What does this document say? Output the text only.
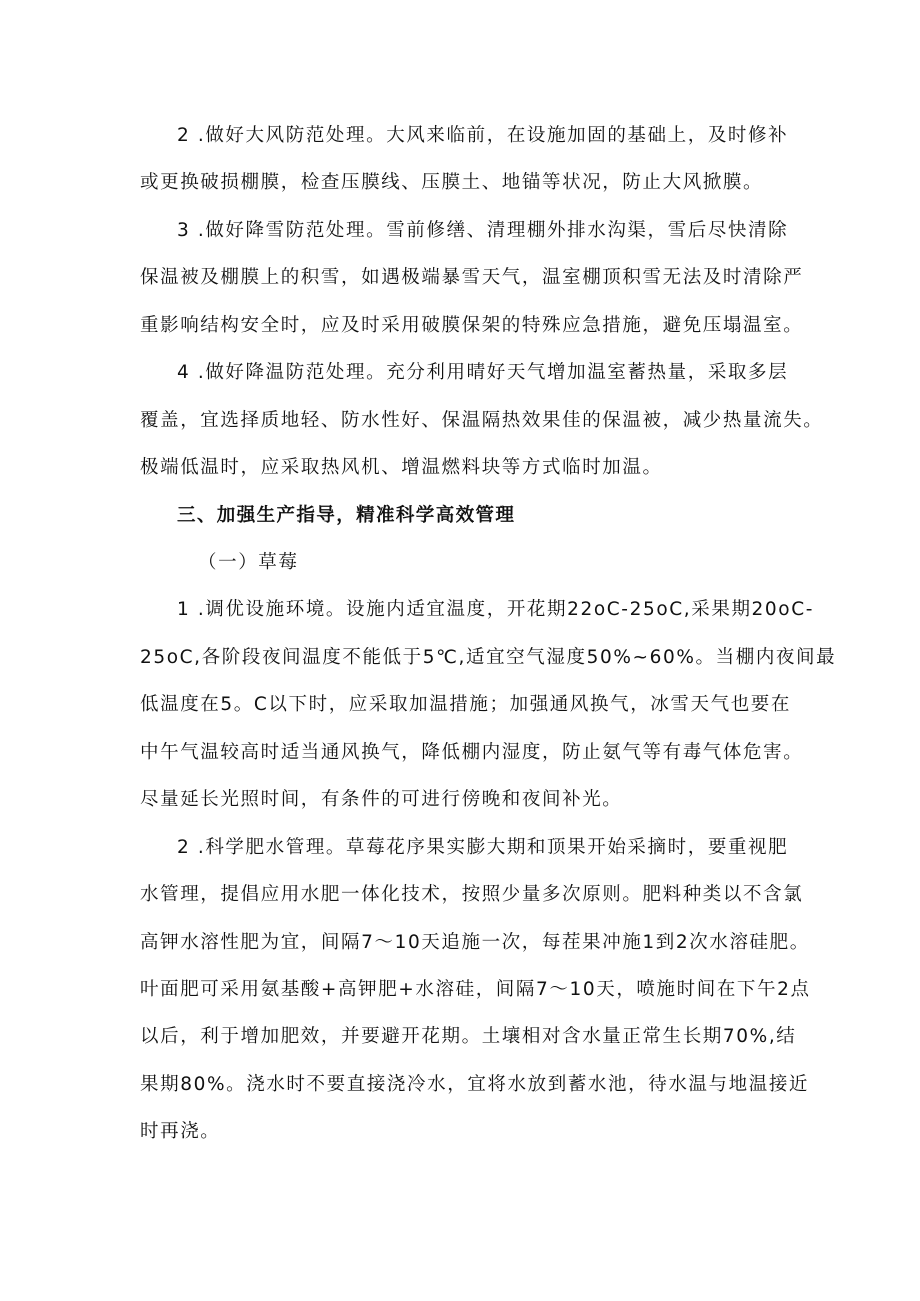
2 .做好大风防范处理。大风来临前，在设施加固的基础上，及时修补
或更换破损棚膜，检查压膜线、压膜土、地锚等状况，防止大风掀膜。
3 .做好降雪防范处理。雪前修缮、清理棚外排水沟渠，雪后尽快清除
保温被及棚膜上的积雪，如遇极端暴雪天气，温室棚顶积雪无法及时清除严
重影响结构安全时，应及时采用破膜保架的特殊应急措施，避免压塌温室。
4 .做好降温防范处理。充分利用晴好天气增加温室蓄热量，采取多层
覆盖，宜选择质地轻、防水性好、保温隔热效果佳的保温被，减少热量流失。
极端低温时，应采取热风机、增温燃料块等方式临时加温。
三、加强生产指导，精准科学高效管理
（一）草莓
1 .调优设施环境。设施内适宜温度，开花期22oC-25oC,采果期20oC-
25oC,各阶段夜间温度不能低于5℃,适宜空气湿度50%~60%。当棚内夜间最
低温度在5。C以下时，应采取加温措施；加强通风换气，冰雪天气也要在
中午气温较高时适当通风换气，降低棚内湿度，防止氨气等有毒气体危害。
尽量延长光照时间，有条件的可进行傍晚和夜间补光。
2 .科学肥水管理。草莓花序果实膨大期和顶果开始采摘时，要重视肥
水管理，提倡应用水肥一体化技术，按照少量多次原则。肥料种类以不含氯
高钾水溶性肥为宜，间隔7〜10天追施一次，每茬果冲施1到2次水溶硅肥。
叶面肥可采用氨基酸+高钾肥+水溶硅，间隔7〜10天，喷施时间在下午2点
以后，利于增加肥效，并要避开花期。土壤相对含水量正常生长期70%,结
果期80%。浇水时不要直接浇冷水，宜将水放到蓄水池，待水温与地温接近
时再浇。
